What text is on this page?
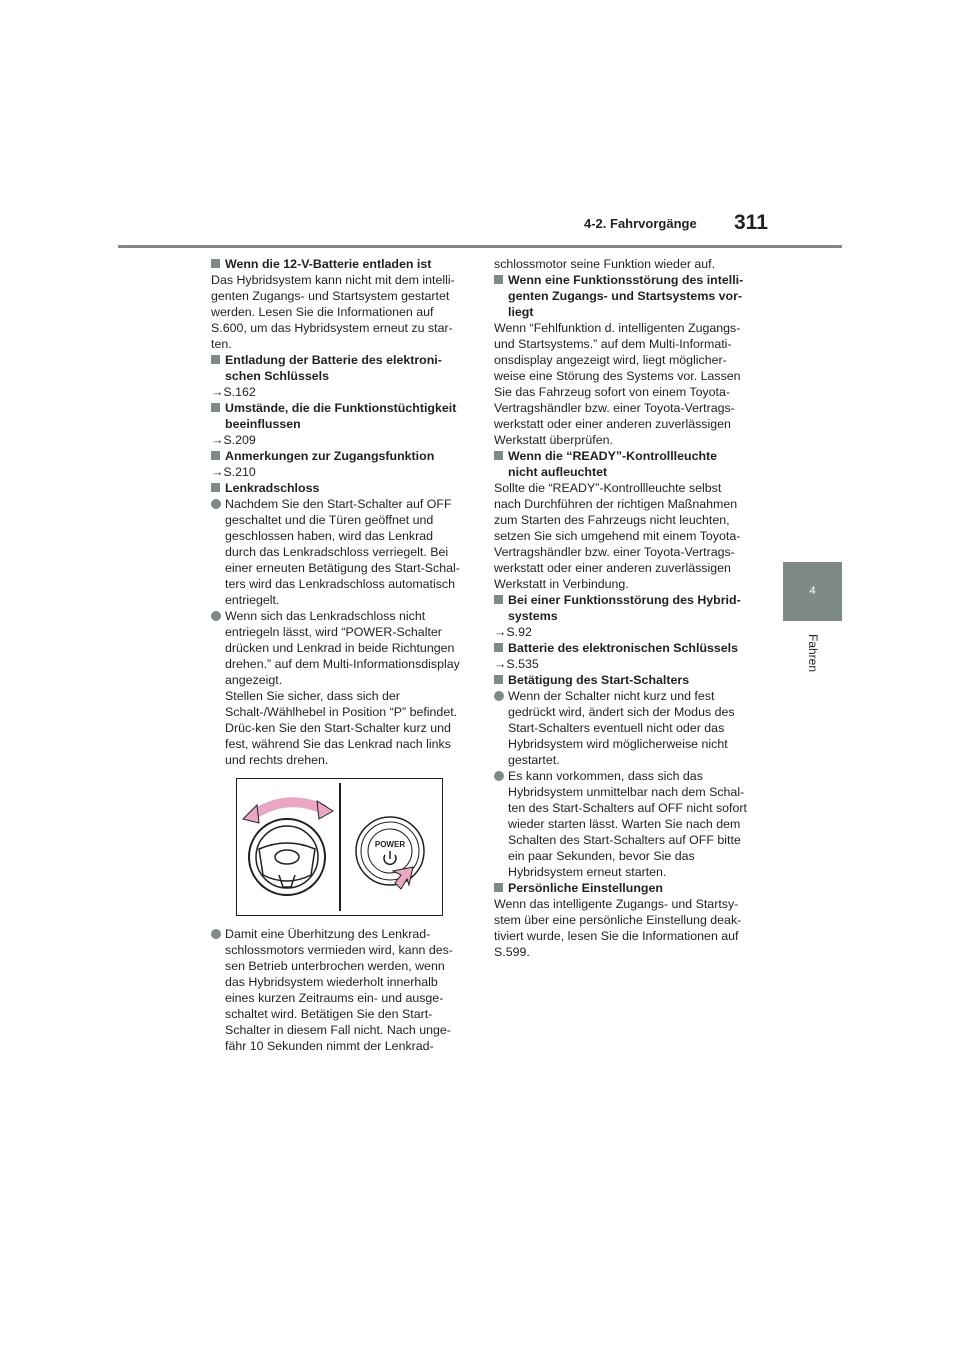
4-2. Fahrvorgänge 311
4
Fahren

Wenn die 12-V-Batterie entladen ist

Das Hybridsystem kann nicht mit dem intelli-genten Zugangs- und Startsystem gestartet werden. Lesen Sie die Informationen auf S.600, um das Hybridsystem erneut zu star-ten.

Entladung der Batterie des elektroni-schen Schlüssels

→S.162

Umstände, die die Funktionstüchtigkeit beeinflussen

→S.209

Anmerkungen zur Zugangsfunktion

→S.210

Lenkradschloss

Nachdem Sie den Start-Schalter auf OFF geschaltet und die Türen geöffnet und geschlossen haben, wird das Lenkrad durch das Lenkradschloss verriegelt. Bei einer erneuten Betätigung des Start-Schal-ters wird das Lenkradschloss automatisch entriegelt.

Wenn sich das Lenkradschloss nicht entriegeln lässt, wird “POWER-Schalter drücken und Lenkrad in beide Richtungen drehen.” auf dem Multi-Informationsdisplay angezeigt.

Stellen Sie sicher, dass sich der Schalt-/Wählhebel in Position “P” befindet. Drüc-ken Sie den Start-Schalter kurz und fest, während Sie das Lenkrad nach links und rechts drehen.

POWER

Damit eine Überhitzung des Lenkrad-schlossmotors vermieden wird, kann des-sen Betrieb unterbrochen werden, wenn das Hybridsystem wiederholt innerhalb eines kurzen Zeitraums ein- und ausge-schaltet wird. Betätigen Sie den Start-Schalter in diesem Fall nicht. Nach unge-fähr 10 Sekunden nimmt der Lenkrad-

schlossmotor seine Funktion wieder auf.

Wenn eine Funktionsstörung des intelli-genten Zugangs- und Startsystems vor-liegt

Wenn “Fehlfunktion d. intelligenten Zugangs- und Startsystems.” auf dem Multi-Informati-onsdisplay angezeigt wird, liegt möglicher-weise eine Störung des Systems vor. Lassen Sie das Fahrzeug sofort von einem Toyota-Vertragshändler bzw. einer Toyota-Vertrags-werkstatt oder einer anderen zuverlässigen Werkstatt überprüfen.

Wenn die “READY”-Kontrollleuchte nicht aufleuchtet

Sollte die “READY”-Kontrollleuchte selbst nach Durchführen der richtigen Maßnahmen zum Starten des Fahrzeugs nicht leuchten, setzen Sie sich umgehend mit einem Toyota-Vertragshändler bzw. einer Toyota-Vertrags-werkstatt oder einer anderen zuverlässigen Werkstatt in Verbindung.

Bei einer Funktionsstörung des Hybrid-systems

→S.92

Batterie des elektronischen Schlüssels

→S.535

Betätigung des Start-Schalters

Wenn der Schalter nicht kurz und fest gedrückt wird, ändert sich der Modus des Start-Schalters eventuell nicht oder das Hybridsystem wird möglicherweise nicht gestartet.

Es kann vorkommen, dass sich das Hybridsystem unmittelbar nach dem Schal-ten des Start-Schalters auf OFF nicht sofort wieder starten lässt. Warten Sie nach dem Schalten des Start-Schalters auf OFF bitte ein paar Sekunden, bevor Sie das Hybridsystem erneut starten.

Persönliche Einstellungen

Wenn das intelligente Zugangs- und Startsy-stem über eine persönliche Einstellung deak-tiviert wurde, lesen Sie die Informationen auf S.599.
